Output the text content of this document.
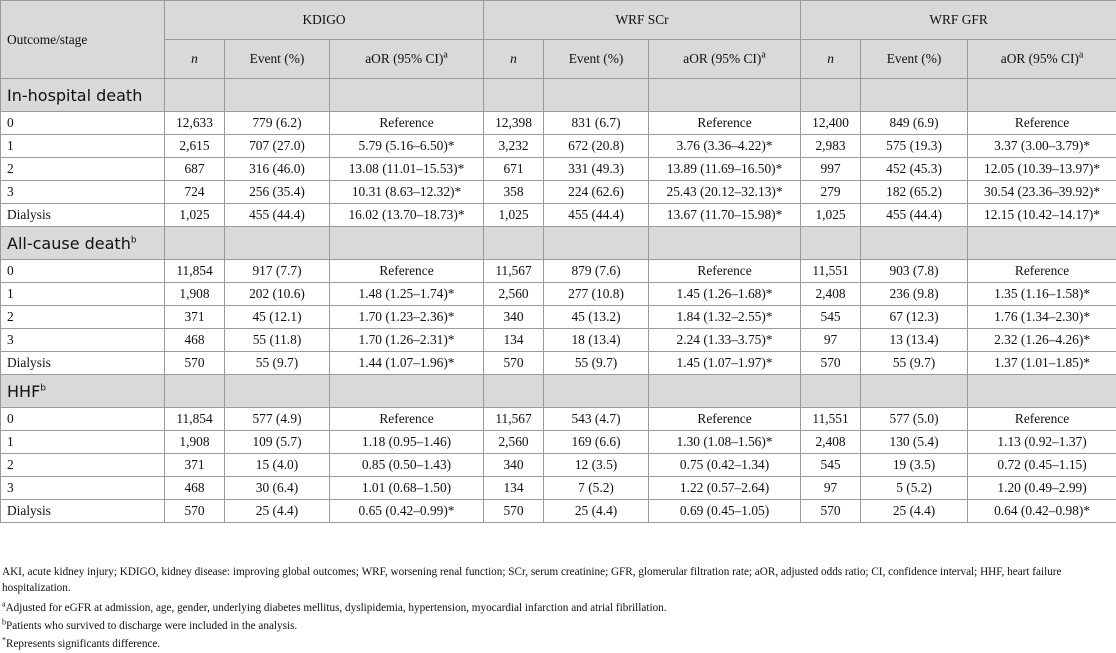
Outcome/stage	KDIGO			WRF SCr			WRF GFR		
	n	Event (%)	aOR (95% CI)$^a$	n	Event (%)	aOR (95% CI)$^a$	n	Event (%)	aOR (95% CI)$^a$
In-hospital death									
0	12,633	779 (6.2)	Reference	12,398	831 (6.7)	Reference	12,400	849 (6.9)	Reference
1	2,615	707 (27.0)	5.79 (5.16–6.50)*	3,232	672 (20.8)	3.76 (3.36–4.22)*	2,983	575 (19.3)	3.37 (3.00–3.79)*
2	687	316 (46.0)	13.08 (11.01–15.53)*	671	331 (49.3)	13.89 (11.69–16.50)*	997	452 (45.3)	12.05 (10.39–13.97)*
3	724	256 (35.4)	10.31 (8.63–12.32)*	358	224 (62.6)	25.43 (20.12–32.13)*	279	182 (65.2)	30.54 (23.36–39.92)*
Dialysis	1,025	455 (44.4)	16.02 (13.70–18.73)*	1,025	455 (44.4)	13.67 (11.70–15.98)*	1,025	455 (44.4)	12.15 (10.42–14.17)*
All-cause death$^b$									
0	11,854	917 (7.7)	Reference	11,567	879 (7.6)	Reference	11,551	903 (7.8)	Reference
1	1,908	202 (10.6)	1.48 (1.25–1.74)*	2,560	277 (10.8)	1.45 (1.26–1.68)*	2,408	236 (9.8)	1.35 (1.16–1.58)*
2	371	45 (12.1)	1.70 (1.23–2.36)*	340	45 (13.2)	1.84 (1.32–2.55)*	545	67 (12.3)	1.76 (1.34–2.30)*
3	468	55 (11.8)	1.70 (1.26–2.31)*	134	18 (13.4)	2.24 (1.33–3.75)*	97	13 (13.4)	2.32 (1.26–4.26)*
Dialysis	570	55 (9.7)	1.44 (1.07–1.96)*	570	55 (9.7)	1.45 (1.07–1.97)*	570	55 (9.7)	1.37 (1.01–1.85)*
HHF$^b$									
0	11,854	577 (4.9)	Reference	11,567	543 (4.7)	Reference	11,551	577 (5.0)	Reference
1	1,908	109 (5.7)	1.18 (0.95–1.46)	2,560	169 (6.6)	1.30 (1.08–1.56)*	2,408	130 (5.4)	1.13 (0.92–1.37)
2	371	15 (4.0)	0.85 (0.50–1.43)	340	12 (3.5)	0.75 (0.42–1.34)	545	19 (3.5)	0.72 (0.45–1.15)
3	468	30 (6.4)	1.01 (0.68–1.50)	134	7 (5.2)	1.22 (0.57–2.64)	97	5 (5.2)	1.20 (0.49–2.99)
Dialysis	570	25 (4.4)	0.65 (0.42–0.99)*	570	25 (4.4)	0.69 (0.45–1.05)	570	25 (4.4)	0.64 (0.42–0.98)*

AKI, acute kidney injury; KDIGO, kidney disease: improving global outcomes; WRF, worsening renal function; SCr, serum creatinine; GFR, glomerular filtration rate; aOR, adjusted odds ratio; CI, confidence interval; HHF, heart failure hospitalization.

$^a$Adjusted for eGFR at admission, age, gender, underlying diabetes mellitus, dyslipidemia, hypertension, myocardial infarction and atrial fibrillation.

$^b$Patients who survived to discharge were included in the analysis.

*Represents significants difference.
